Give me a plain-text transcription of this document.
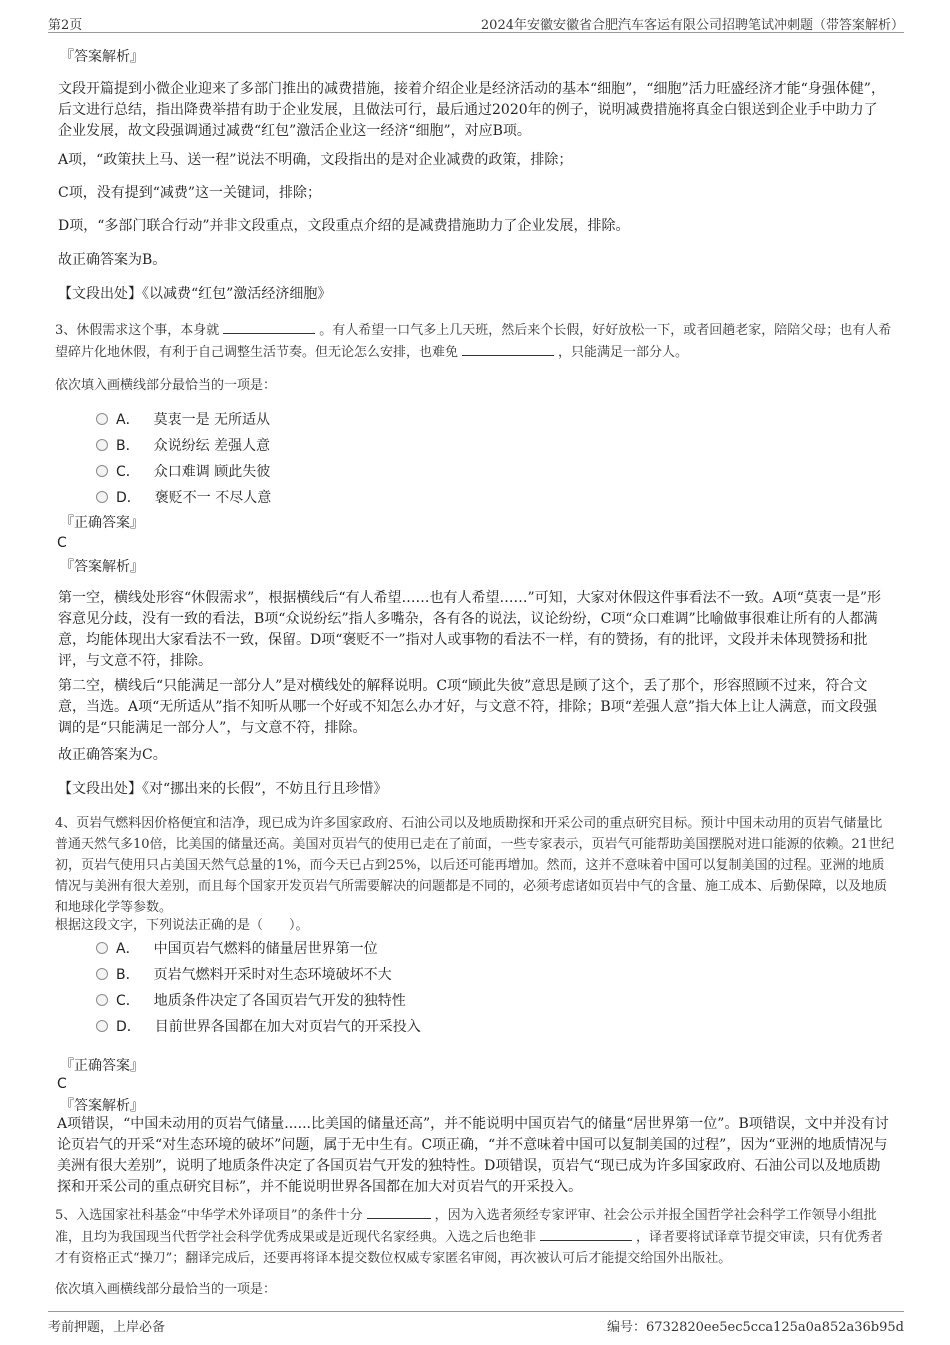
第2页	2024年安徽安徽省合肥汽车客运有限公司招聘笔试冲刺题（带答案解析）
『答案解析』
文段开篇提到小微企业迎来了多部门推出的减费措施，接着介绍企业是经济活动的基本“细胞”，“细胞”活力旺盛经济才能“身强体健”，后文进行总结，指出降费举措有助于企业发展，且做法可行，最后通过2020年的例子，说明减费措施将真金白银送到企业手中助力了企业发展，故文段强调通过减费“红包”激活企业这一经济“细胞”，对应B项。
A项，“政策扶上马、送一程”说法不明确，文段指出的是对企业减费的政策，排除；
C项，没有提到“减费”这一关键词，排除；
D项，“多部门联合行动”并非文段重点，文段重点介绍的是减费措施助力了企业发展，排除。
故正确答案为B。
【文段出处】《以减费“红包”激活经济细胞》
3、休假需求这个事，本身就	。有人希望一口气多上几天班，然后来个长假，好好放松一下，或者回趟老家，陪陪父母；也有人希望碎片化地休假，有利于自己调整生活节奏。但无论怎么安排，也难免	，只能满足一部分人。
依次填入画横线部分最恰当的一项是：
A． 莫衷一是 无所适从
B． 众说纷纭 差强人意
C． 众口难调 顾此失彼
D． 褒贬不一 不尽人意
『正确答案』
C
『答案解析』
第一空，横线处形容“休假需求”，根据横线后“有人希望……也有人希望……”可知，大家对休假这件事看法不一致。A项“莫衷一是”形容意见分歧，没有一致的看法，B项“众说纷纭”指人多嘴杂，各有各的说法，议论纷纷，C项“众口难调”比喻做事很难让所有的人都满意，均能体现出大家看法不一致，保留。D项“褒贬不一”指对人或事物的看法不一样，有的赞扬，有的批评，文段并未体现赞扬和批评，与文意不符，排除。
第二空，横线后“只能满足一部分人”是对横线处的解释说明。C项“顾此失彼”意思是顾了这个，丢了那个，形容照顾不过来，符合文意，当选。A项“无所适从”指不知听从哪一个好或不知怎么办才好，与文意不符，排除；B项“差强人意”指大体上让人满意，而文段强调的是“只能满足一部分人”，与文意不符，排除。
故正确答案为C。
【文段出处】《对“挪出来的长假”，不妨且行且珍惜》
4、页岩气燃料因价格便宜和洁净，现已成为许多国家政府、石油公司以及地质勘探和开采公司的重点研究目标。预计中国未动用的页岩气储量比普通天然气多10倍，比美国的储量还高。美国对页岩气的使用已走在了前面，一些专家表示，页岩气可能帮助美国摆脱对进口能源的依赖。21世纪初，页岩气使用只占美国天然气总量的1%，而今天已占到25%，以后还可能再增加。然而，这并不意味着中国可以复制美国的过程。亚洲的地质情况与美洲有很大差别，而且每个国家开发页岩气所需要解决的问题都是不同的，必须考虑诸如页岩中气的含量、施工成本、后勤保障，以及地质和地球化学等参数。
根据这段文字，下列说法正确的是（　　）。
A． 中国页岩气燃料的储量居世界第一位
B． 页岩气燃料开采时对生态环境破坏不大
C． 地质条件决定了各国页岩气开发的独特性
D． 目前世界各国都在加大对页岩气的开采投入
『正确答案』
C
『答案解析』
A项错误，“中国未动用的页岩气储量......比美国的储量还高”，并不能说明中国页岩气的储量“居世界第一位”。B项错误，文中并没有讨论页岩气的开采“对生态环境的破坏”问题，属于无中生有。C项正确，“并不意味着中国可以复制美国的过程”，因为“亚洲的地质情况与美洲有很大差别”，说明了地质条件决定了各国页岩气开发的独特性。D项错误，页岩气“现已成为许多国家政府、石油公司以及地质勘探和开采公司的重点研究目标”，并不能说明世界各国都在加大对页岩气的开采投入。
5、入选国家社科基金“中华学术外译项目”的条件十分	，因为入选者须经专家评审、社会公示并报全国哲学社会科学工作领导小组批准，且均为我国现当代哲学社会科学优秀成果或是近现代名家经典。入选之后也绝非	，译者要将试译章节提交审读，只有优秀者才有资格正式“操刀”；翻译完成后，还要再将译本提交数位权威专家匿名审阅，再次被认可后才能提交给国外出版社。
依次填入画横线部分最恰当的一项是：
考前押题，上岸必备	编号：6732820ee5ec5cca125a0a852a36b95d
